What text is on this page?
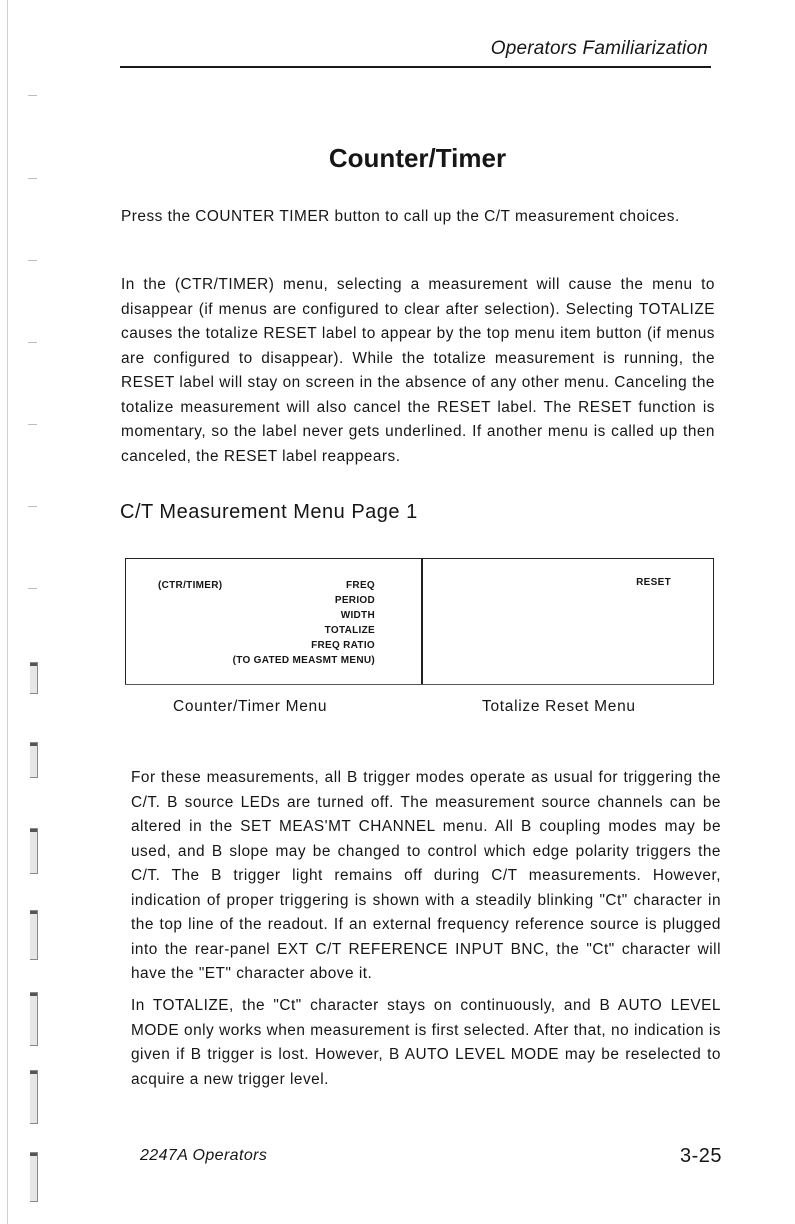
Operators Familiarization
Counter/Timer

Press the COUNTER TIMER button to call up the C/T measurement choices.

In the (CTR/TIMER) menu, selecting a measurement will cause the menu to disappear (if menus are configured to clear after selection). Selecting TOTALIZE causes the totalize RESET label to appear by the top menu item button (if menus are configured to disappear). While the totalize measurement is running, the RESET label will stay on screen in the absence of any other menu. Canceling the totalize measurement will also cancel the RESET label. The RESET function is momentary, so the label never gets underlined. If another menu is called up then canceled, the RESET label reappears.

C/T Measurement Menu Page 1
(CTR/TIMER)	FREQ
PERIOD
WIDTH
TOTALIZE
FREQ RATIO
(TO GATED MEASMT MENU)
RESET
Counter/Timer Menu	Totalize Reset Menu

For these measurements, all B trigger modes operate as usual for triggering the C/T. B source LEDs are turned off. The measurement source channels can be altered in the SET MEAS'MT CHANNEL menu. All B coupling modes may be used, and B slope may be changed to control which edge polarity triggers the C/T. The B trigger light remains off during C/T measurements. However, indication of proper triggering is shown with a steadily blinking "Ct" character in the top line of the readout. If an external frequency reference source is plugged into the rear-panel EXT C/T REFERENCE INPUT BNC, the "Ct" character will have the "ET" character above it.

In TOTALIZE, the "Ct" character stays on continuously, and B AUTO LEVEL MODE only works when measurement is first selected. After that, no indication is given if B trigger is lost. However, B AUTO LEVEL MODE may be reselected to acquire a new trigger level.

2247A Operators	3-25
